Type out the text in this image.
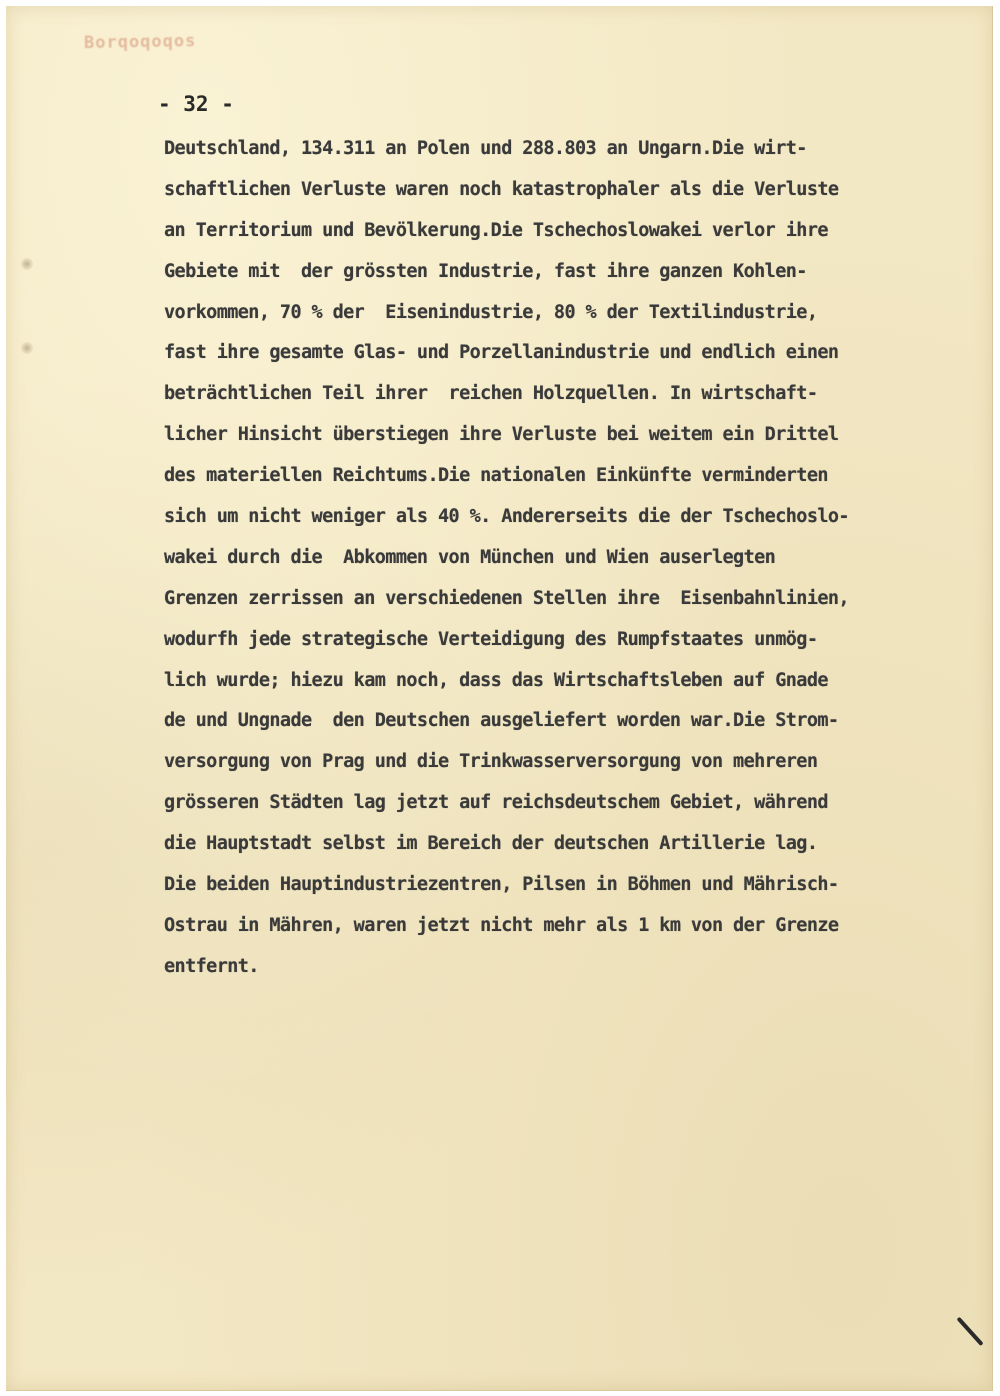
Borqoqoqos
- 32 -
Deutschland, 134.311 an Polen und 288.803 an Ungarn.Die wirt-
schaftlichen Verluste waren noch katastrophaler als die Verluste
an Territorium und Bevölkerung.Die Tschechoslowakei verlor ihre
Gebiete mit  der grössten Industrie, fast ihre ganzen Kohlen-
vorkommen, 70 % der  Eisenindustrie, 80 % der Textilindustrie,
fast ihre gesamte Glas- und Porzellanindustrie und endlich einen
beträchtlichen Teil ihrer  reichen Holzquellen. In wirtschaft-
licher Hinsicht überstiegen ihre Verluste bei weitem ein Drittel
des materiellen Reichtums.Die nationalen Einkünfte verminderten
sich um nicht weniger als 40 %. Andererseits die der Tschechoslo-
wakei durch die  Abkommen von München und Wien auserlegten
Grenzen zerrissen an verschiedenen Stellen ihre  Eisenbahnlinien,
wodurfh jede strategische Verteidigung des Rumpfstaates unmög-
lich wurde; hiezu kam noch, dass das Wirtschaftsleben auf Gnade
de und Ungnade  den Deutschen ausgeliefert worden war.Die Strom-
versorgung von Prag und die Trinkwasserversorgung von mehreren
grösseren Städten lag jetzt auf reichsdeutschem Gebiet, während
die Hauptstadt selbst im Bereich der deutschen Artillerie lag.
Die beiden Hauptindustriezentren, Pilsen in Böhmen und Mährisch-
Ostrau in Mähren, waren jetzt nicht mehr als 1 km von der Grenze
entfernt.
